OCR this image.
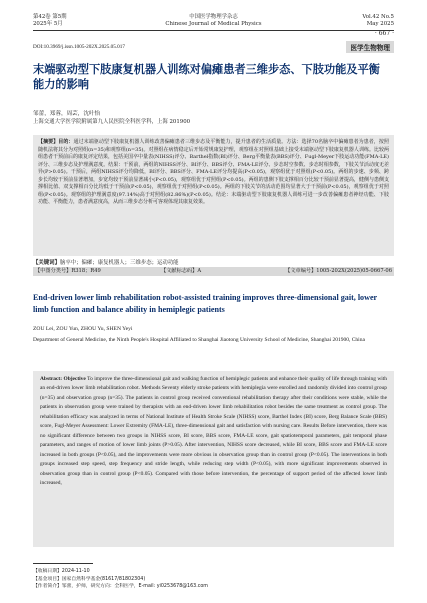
第42卷 第5期
2025年 5月
中国医学物理学杂志
Chinese Journal of Medical Physics
Vol.42 No.5
May 2025
· 667 ·
DOI:10.3969/j.issn.1005-202X.2025.05.017	医学生物物理
末端驱动型下肢康复机器人训练对偏瘫患者三维步态、下肢功能及平衡能力的影响
邹蕾，郑蓉，周芸，沈叶怡
上海交通大学医学院附属第九人民医院全科医学科，上海 201900

【摘要】目的：通过末端驱动型下肢康复机器人训练改善偏瘫患者三维步态及平衡能力，提升患者的生活质量。方法：选择70名脑卒中偏瘫患者为患者，按照随机法将其分为对照组(n=35)和观察组(n=35)。对照组在病情稳定后开始常规康复护理，观察组在对照组基础上接受末端驱动型下肢康复机器人训练。比较两组患者干预前后的康复评定结果，包括美国卒中量表(NIHSS)评分、Barthel指数(BI)评分、Berg平衡量表(BBS)评分、Fugl-Meyer下肢运动功能(FMA-LE)评分、三维步态及护理满意度。结果：干预前，两组的NIHSS评分、BI评分、BBS评分、FMA-LE评分、步态时空参数、步态时相参数，下肢关节活动度无差异(P>0.05)。干预后，两组NIHSS评分均降低，BI评分、BBS评分、FMA-LE评分均提高(P<0.05)，观察组优于对照组(P<0.05)。两组的步速、步频、跨步长均较干预前显著增加，步宽均较干预前显著减小(P<0.05)，观察组优于对照组(P<0.05)。两组的患侧下肢支撑相百分比较干预前显著提高，健侧与患侧支撑相比值、双支撑相百分比均低于干预前(P<0.05)，观察组优于对照组(P<0.05)。两组的下肢关节的活动范围均显著大于干预前(P<0.05)，观察组优于对照组(P<0.05)。观察组的护理满意度(97.14%)高于对照组(82.86%)(P<0.05)。结论：末端驱动型下肢康复机器人训练可进一步改善偏瘫患者神经功能、下肢功能、平衡能力，患者满意度高，从而三维步态分析可客观体现其康复效果。

【关键词】脑卒中；偏瘫；康复机器人；三维步态；运动功能
【中图分类号】R318；R49	【文献标志码】A	【文章编号】1005-202X(2025)05-0667-06
End-driven lower limb rehabilitation robot-assisted training improves three-dimensional gait, lower limb function and balance ability in hemiplegic patients
ZOU Lei, ZOU Yun, ZHOU Yu, SHEN Yeyi
Department of General Medicine, the Ninth People's Hospital Affiliated to Shanghai Jiaotong University School of Medicine, Shanghai 201900, China

Abstract: Objective To improve the three-dimensional gait and walking function of hemiplegic patients and enhance their quality of life through training with an end-driven lower limb rehabilitation robot. Methods Seventy elderly stroke patients with hemiplegia were enrolled and randomly divided into control group (n=35) and observation group (n=35). The patients in control group received conventional rehabilitation therapy after their conditions were stable, while the patients in observation group were trained by therapists with an end-driven lower limb rehabilitation robot besides the same treatment as control group. The rehabilitation efficacy was analyzed in terms of National Institute of Health Stroke Scale (NIHSS) score, Barthel Index (BI) score, Berg Balance Scale (BBS) score, Fugl-Meyer Assessment: Lower Extremity (FMA-LE), three-dimensional gait and satisfaction with nursing care. Results Before intervention, there was no significant difference between two groups in NIHSS score, BI score, BBS score, FMA-LE score, gait spatiotemporal parameters, gait temporal phase parameters, and ranges of motion of lower limb joints (P>0.05). After intervention, NIHSS score decreased, while BI score, BBS score and FMA-LE score increased in both groups (P<0.05), and the improvements were more obvious in observation group than in control group (P<0.05). The interventions in both groups increased step speed, step frequency and stride length, while reducing step width (P<0.05), with more significant improvements observed in observation group than in control group (P<0.05). Compared with those before intervention, the percentage of support period of the affected lower limb increased,

【收稿日期】2024-11-10
【基金项目】国家自然科学基金(81617/81802304)
【作者简介】邹蕾，护师，研究方向：全科医学，E-mail: yi0253678@163.com
